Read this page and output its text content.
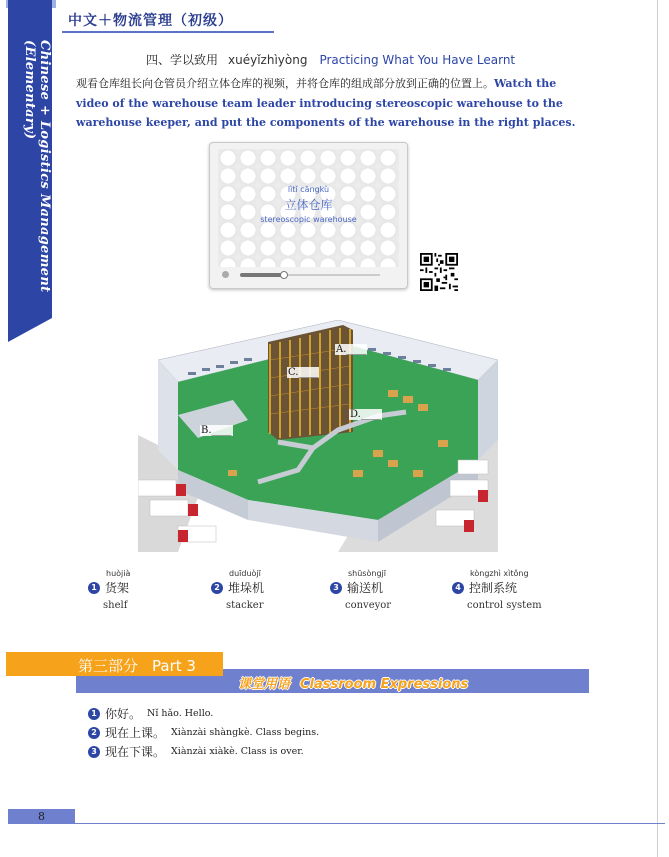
中文＋物流管理（初级）
Chinese + Logistics Management (Elementary)	四、学以致用 xuéyǐzhìyòng Practicing What You Have Learnt
观看仓库组长向仓管员介绍立体仓库的视频，并将仓库的组成部分放到正确的位置上。Watch the video of the warehouse team leader introducing stereoscopic warehouse to the warehouse keeper, and put the components of the warehouse in the right places.
lìtǐ cāngkù
立体仓库
stereoscopic warehouse
A.____
C.____
D.____
B.____
huòjià
1 货架
shelf
duīduòjī
2 堆垛机
stacker
shūsòngjī
3 输送机
conveyor
kòngzhì xìtǒng
4 控制系统
control system
第三部分 Part 3
课堂用语 Classroom Expressions
1 你好。 Nǐ hǎo. Hello.
2 现在上课。 Xiànzài shàngkè. Class begins.
3 现在下课。 Xiànzài xiàkè. Class is over.
8
